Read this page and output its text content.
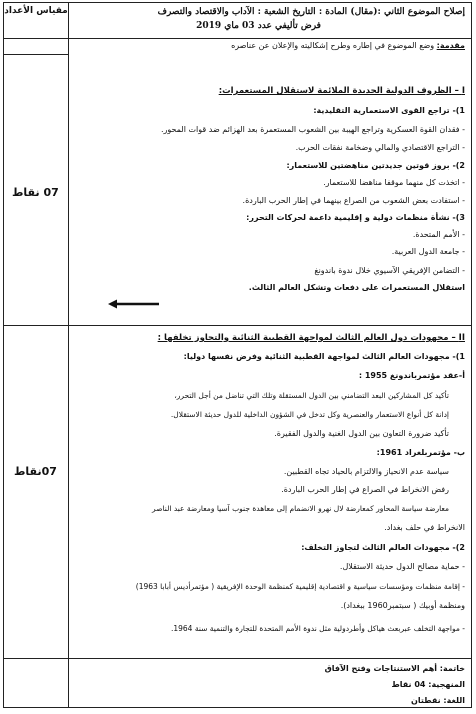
مقياس الأعداد	إصلاح الموضوع الثاني :(مقال) المادة : التاريخ الشعبة : الآداب والاقتصاد والتصرف
فرض تأليفي عدد 03 ماي 2019
مقدمة: وضع الموضوع في إطاره وطرح إشكاليته والإعلان عن عناصره
07 نقاط
I – الظروف الدولية الجديدة الملائمة لاستقلال المستعمرات:
1)- تراجع القوى الاستعمارية التقليدية:
- فقدان القوة العسكرية وتراجع الهيبة بين الشعوب المستعمرة بعد الهزائم ضد قوات المحور.
- التراجع الاقتصادي والمالي وضخامة نفقات الحرب.
2)- بروز قوتين جديدتين مناهضتين للاستعمار:
- اتخذت كل منهما موقفا مناهضا للاستعمار.
- استفادت بعض الشعوب من الصراع بينهما في إطار الحرب الباردة.
3)- نشأة منظمات دولية و إقليمية داعمة لحركات التحرر:
- الأمم المتحدة.
- جامعة الدول العربية.
- التضامن الإفريقي الآسيوي خلال ندوة باندونغ
استقلال المستعمرات على دفعات وتشكل العالم الثالث.
07نقاط
II – مجهودات دول العالم الثالث لمواجهة القطبية الثنائية والتجاوز تخلفها :
1)- مجهودات العالم الثالث لمواجهة القطبية الثنائية وفرض نفسها دوليا:
أ-عقد مؤتمرباندونغ 1955 :
تأكيد كل المشاركين البعد التضامني بين الدول المستقلة وتلك التي تناضل من أجل التحرر،
إدانة كل أنواع الاستعمار والعنصرية وكل تدخل في الشؤون الداخلية للدول حديثة الاستقلال.
تأكيد ضرورة التعاون بين الدول الغنية والدول الفقيرة.
ب- مؤتمربلغراد 1961:
سياسة عدم الانحياز والالتزام بالحياد تجاه القطبين.
رفض الانخراط في الصراع في إطار الحرب الباردة.
معارضة سياسة المحاور كمعارضة لال نهرو الانضمام إلى معاهدة جنوب آسيا ومعارضة عبد الناصر
الانخراط في حلف بغداد.
2)- مجهودات العالم الثالث لتجاوز التخلف:
- حماية مصالح الدول حديثة الاستقلال.
- إقامة منظمات ومؤسسات سياسية و اقتصادية إقليمية كمنظمة الوحدة الإفريقية ( مؤتمرأديس أبابا 1963)
ومنظمة أوبيك ( سبتمبر1960 ببغداد).
- مواجهة التخلف عبربعث هياكل وأطردولية مثل ندوة الأمم المتحدة للتجارة والتنمية سنة 1964.
خاتمة: أهم الاستنتاجات وفتح الآفاق
المنهجية: 04 نقاط
اللغة: نقطتان
